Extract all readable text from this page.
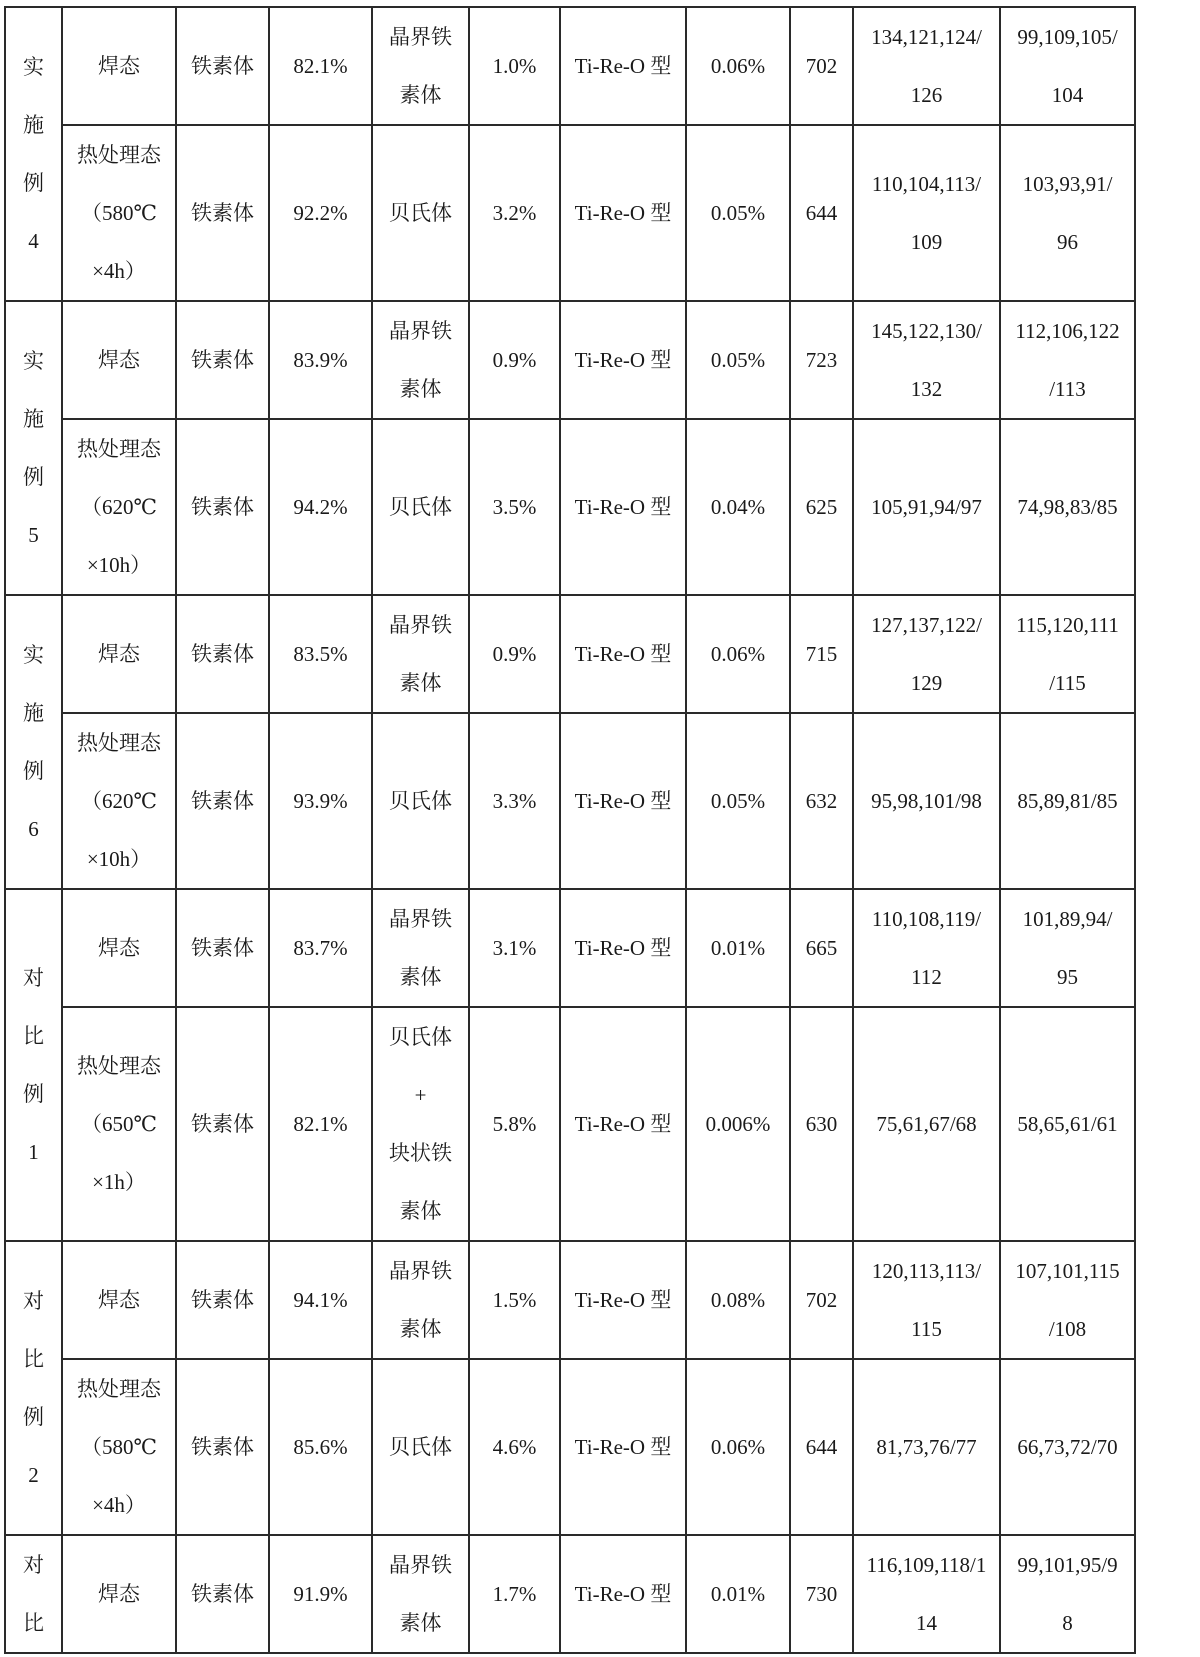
实
施
例
4	焊态	铁素体	82.1%	晶界铁
素体	1.0%	Ti-Re-O 型	0.06%	702	134,121,124/
126	99,109,105/
104

	热处理态
（580℃
×4h）	铁素体	92.2%	贝氏体	3.2%	Ti-Re-O 型	0.05%	644	110,104,113/
109	103,93,91/
96

实
施
例
5	焊态	铁素体	83.9%	晶界铁
素体	0.9%	Ti-Re-O 型	0.05%	723	145,122,130/
132	112,106,122
/113

	热处理态
（620℃
×10h）	铁素体	94.2%	贝氏体	3.5%	Ti-Re-O 型	0.04%	625	105,91,94/97	74,98,83/85

实
施
例
6	焊态	铁素体	83.5%	晶界铁
素体	0.9%	Ti-Re-O 型	0.06%	715	127,137,122/
129	115,120,111
/115

	热处理态
（620℃
×10h）	铁素体	93.9%	贝氏体	3.3%	Ti-Re-O 型	0.05%	632	95,98,101/98	85,89,81/85

对
比
例
1	焊态	铁素体	83.7%	晶界铁
素体	3.1%	Ti-Re-O 型	0.01%	665	110,108,119/
112	101,89,94/
95

	热处理态
（650℃
×1h）	铁素体	82.1%	贝氏体
+
块状铁
素体	5.8%	Ti-Re-O 型	0.006%	630	75,61,67/68	58,65,61/61

对
比
例
2	焊态	铁素体	94.1%	晶界铁
素体	1.5%	Ti-Re-O 型	0.08%	702	120,113,113/
115	107,101,115
/108

	热处理态
（580℃
×4h）	铁素体	85.6%	贝氏体	4.6%	Ti-Re-O 型	0.06%	644	81,73,76/77	66,73,72/70

对
比	焊态	铁素体	91.9%	晶界铁
素体	1.7%	Ti-Re-O 型	0.01%	730	116,109,118/1
14	99,101,95/9
8
